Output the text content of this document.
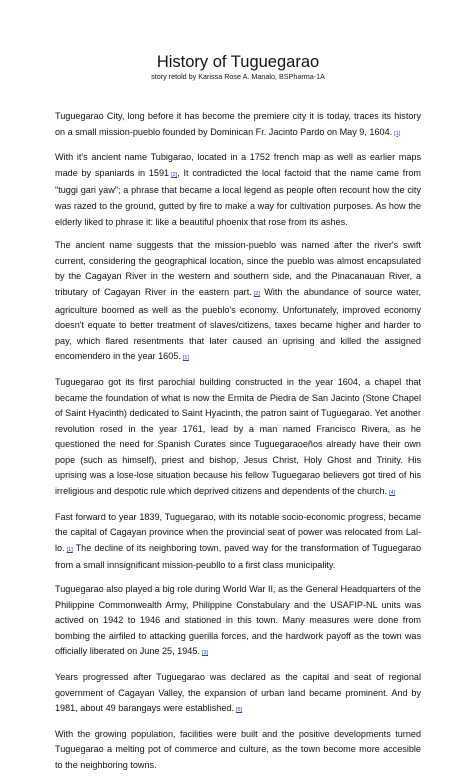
History of Tuguegarao

story retold by Karissa Rose A. Manalo, BSPharma-1A

Tuguegarao City, long before it has become the premiere city it is today, traces its history on a small mission-pueblo founded by Dominican Fr. Jacinto Pardo on May 9, 1604. [1]

With it's ancient name Tubigarao, located in a 1752 french map as well as earlier maps made by spaniards in 1591 [2], It contradicted the local factoid that the name came from "tuggi gari yaw"; a phrase that became a local legend as people often recount how the city was razed to the ground, gutted by fire to make a way for cultivation purposes. As how the elderly liked to phrase it: like a beautiful phoenix that rose from its ashes.

The ancient name suggests that the mission-pueblo was named after the river's swift current, considering the geographical location, since the pueblo was almost encapsulated by the Cagayan River in the western and southern side, and the Pinacanauan River, a tributary of Cagayan River in the eastern part. [2] With the abundance of source water, agriculture boomed as well as the pueblo's economy. Unfortunately, improved economy doesn't equate to better treatment of slaves/citizens, taxes became higher and harder to pay, which flared resentments that later caused an uprising and killed the assigned encomendero in the year 1605. [1]

Tuguegarao got its first parochial building constructed in the year 1604, a chapel that became the foundation of what is now the Ermita de Piedra de San Jacinto (Stone Chapel of Saint Hyacinth) dedicated to Saint Hyacinth, the patron saint of Tuguegarao. Yet another revolution rosed in the year 1761, lead by a man named Francisco Rivera, as he questioned the need for Spanish Curates since Tuguegaraoeños already have their own pope (such as himself), priest and bishop, Jesus Christ, Holy Ghost and Trinity. His uprising was a lose-lose situation because his fellow Tuguegarao believers got tired of his irreligious and despotic rule which deprived citizens and dependents of the church. [4]

Fast forward to year 1839, Tuguegarao, with its notable socio-economic progress, became the capital of Cagayan province when the provincial seat of power was relocated from Lal-lo. [1] The decline of its neighboring town, paved way for the transformation of Tuguegarao from a small innsignificant mission-peubllo to a first class municipality.

Tuguegarao also played a big role during World War II, as the General Headquarters of the Philippine Commonwealth Army, Philippine Constabulary and the USAFIP-NL units was actived on 1942 to 1946 and stationed in this town. Many measures were done from bombing the airfiled to attacking guerilla forces, and the hardwork payoff as the town was officially liberated on June 25, 1945. [3]

Years progressed after Tuguegarao was declared as the capital and seat of regional government of Cagayan Valley, the expansion of urban land became prominent. And by 1981, about 49 barangays were established. [5]

With the growing population, facilities were built and the positive developments turned Tuguegarao a melting pot of commerce and culture, as the town become more accesible to the neighboring towns.
